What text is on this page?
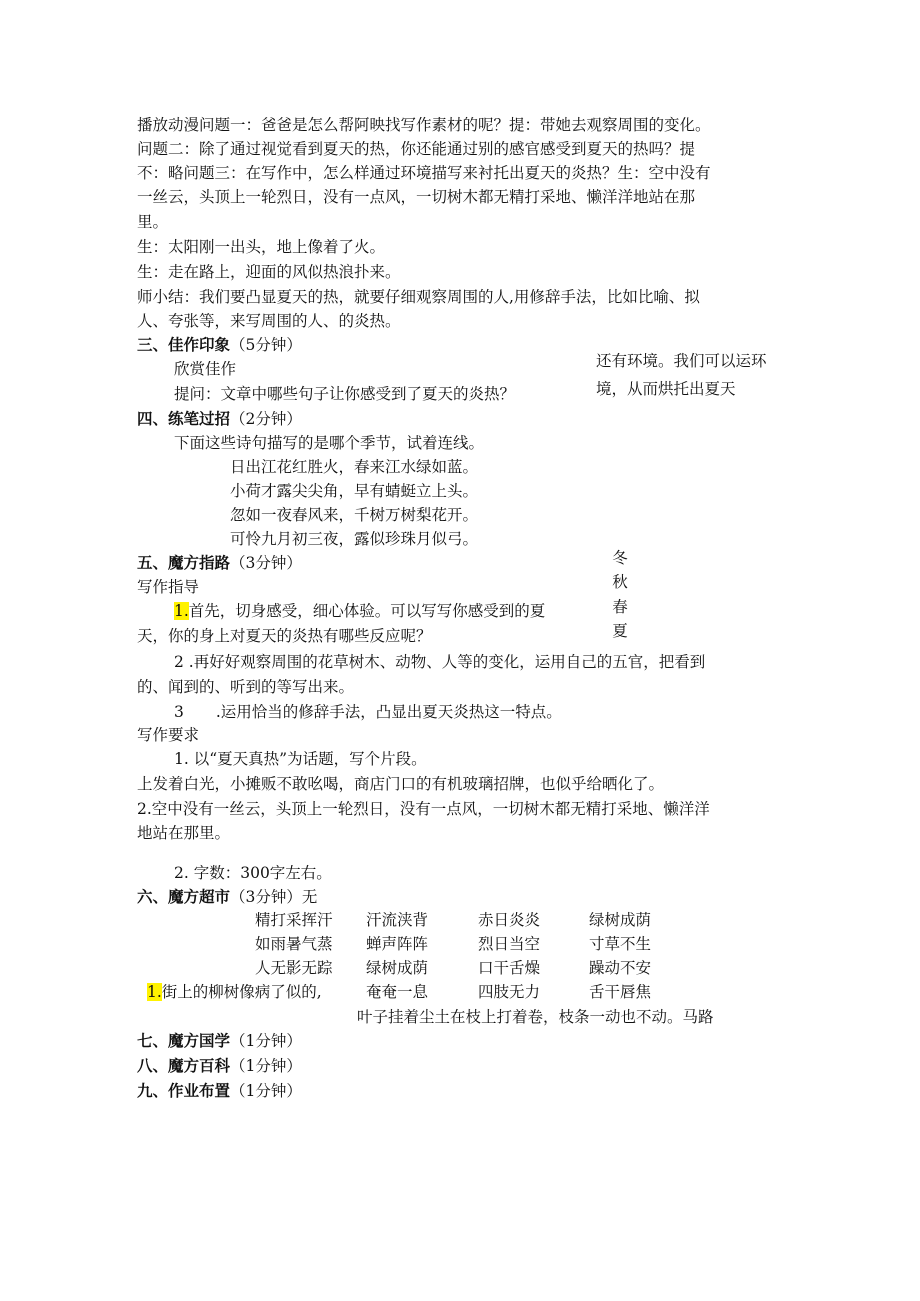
播放动漫问题一：爸爸是怎么帮阿映找写作素材的呢？提：带她去观察周围的变化。
问题二：除了通过视觉看到夏天的热，你还能通过别的感官感受到夏天的热吗？提
不：略问题三：在写作中，怎么样通过环境描写来衬托出夏天的炎热？生：空中没有
一丝云，头顶上一轮烈日，没有一点风，一切树木都无精打采地、懒洋洋地站在那
里。
生：太阳刚一出头，地上像着了火。
生：走在路上，迎面的风似热浪扑来。
师小结：我们要凸显夏天的热，就要仔细观察周围的人,用修辞手法，比如比喻、拟
人、夸张等，来写周围的人、的炎热。
三、佳作印象（5分钟）
欣赏佳作
提问：文章中哪些句子让你感受到了夏天的炎热？
还有环境。我们可以运环
境，从而烘托出夏天
四、练笔过招（2分钟）
下面这些诗句描写的是哪个季节，试着连线。
日出江花红胜火，春来江水绿如蓝。
小荷才露尖尖角，早有蜻蜓立上头。
忽如一夜春风来，千树万树梨花开。
可怜九月初三夜，露似珍珠月似弓。
冬
秋
春
夏
五、魔方指路（3分钟）
写作指导
1.首先，切身感受，细心体验。可以写写你感受到的夏
天，你的身上对夏天的炎热有哪些反应呢？
2 .再好好观察周围的花草树木、动物、人等的变化，运用自己的五官，把看到
的、闻到的、听到的等写出来。
3 .运用恰当的修辞手法，凸显出夏天炎热这一特点。
写作要求
1. 以“夏天真热”为话题，写个片段。
上发着白光，小摊贩不敢吆喝，商店门口的有机玻璃招牌，也似乎给晒化了。
2.空中没有一丝云，头顶上一轮烈日，没有一点风，一切树木都无精打采地、懒洋洋
地站在那里。
2. 字数：300字左右。
六、魔方超市（3分钟）无
精打采挥汗 汗流浃背	赤日炎炎	绿树成荫
如雨暑气蒸 蝉声阵阵	烈日当空	寸草不生
人无影无踪 绿树成荫	口干舌燥	躁动不安
1.街上的柳树像病了似的,	奄奄一息	四肢无力	舌干唇焦
叶子挂着尘土在枝上打着卷，枝条一动也不动。马路
七、魔方国学（1分钟）
八、魔方百科（1分钟）
九、作业布置（1分钟）
